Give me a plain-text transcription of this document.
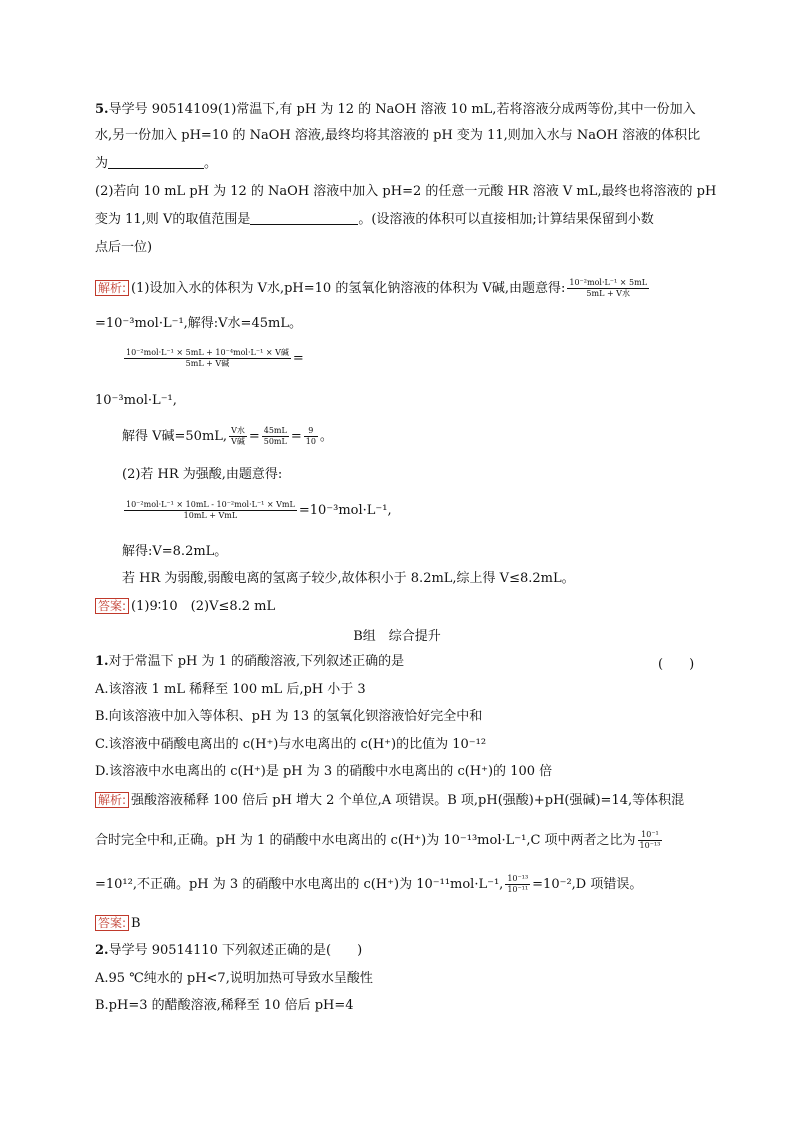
5.导学号 90514109(1)常温下,有 pH 为 12 的 NaOH 溶液 10 mL,若将溶液分成两等份,其中一份加入
水,另一份加入 pH=10 的 NaOH 溶液,最终均将其溶液的 pH 变为 11,则加入水与 NaOH 溶液的体积比
为	。
(2)若向 10 mL pH 为 12 的 NaOH 溶液中加入 pH=2 的任意一元酸 HR 溶液 V mL,最终也将溶液的 pH
变为 11,则 V的取值范围是	。(设溶液的体积可以直接相加;计算结果保留到小数
点后一位)
解析: (1)设加入水的体积为 V水,pH=10 的氢氧化钠溶液的体积为 V碱,由题意得: $\frac{\text{10⁻²mol·L⁻¹ × 5mL}}{\text{5mL + V水}}$
=10⁻³mol·L⁻¹,解得:V水=45mL。
$\frac{\text{10⁻²mol·L⁻¹ × 5mL + 10⁻⁴mol·L⁻¹ × V碱}}{\text{5mL + V碱}}$ =
10⁻³mol·L⁻¹,
解得 V碱=50mL, $\frac{\text{V水}}{\text{V碱}} = \frac{45mL}{50mL} = \frac{9}{10}$ 。
(2)若 HR 为强酸,由题意得:
$\frac{\text{10⁻²mol·L⁻¹ × 10mL - 10⁻²mol·L⁻¹ × VmL}}{\text{10mL + VmL}} =10^{-3}mol\cdot L^{-1}$,
解得:V=8.2mL。
若 HR 为弱酸,弱酸电离的氢离子较少,故体积小于 8.2mL,综上得 V≤8.2mL。
答案: (1)9∶10　(2)V≤8.2 mL
B组　综合提升
1.对于常温下 pH 为 1 的硝酸溶液,下列叙述正确的是	(　　)
A.该溶液 1 mL 稀释至 100 mL 后,pH 小于 3
B.向该溶液中加入等体积、pH 为 13 的氢氧化钡溶液恰好完全中和
C.该溶液中硝酸电离出的 c(H⁺)与水电离出的 c(H⁺)的比值为 10⁻¹²
D.该溶液中水电离出的 c(H⁺)是 pH 为 3 的硝酸中水电离出的 c(H⁺)的 100 倍
解析: 强酸溶液稀释 100 倍后 pH 增大 2 个单位,A 项错误。B 项,pH(强酸)+pH(强碱)=14,等体积混
合时完全中和,正确。pH 为 1 的硝酸中水电离出的 c(H⁺)为 10⁻¹³mol·L⁻¹,C 项中两者之比为 $\frac{\text{10⁻¹}}{\text{10⁻¹³}}$
=10¹²,不正确。pH 为 3 的硝酸中水电离出的 c(H⁺)为 10⁻¹¹mol·L⁻¹, $\frac{\text{10⁻¹³}}{\text{10⁻¹¹}} =10^{-2},D$ 项错误。
答案: B
2.导学号 90514110 下列叙述正确的是(　　)
A.95 ℃纯水的 pH<7,说明加热可导致水呈酸性
B.pH=3 的醋酸溶液,稀释至 10 倍后 pH=4
